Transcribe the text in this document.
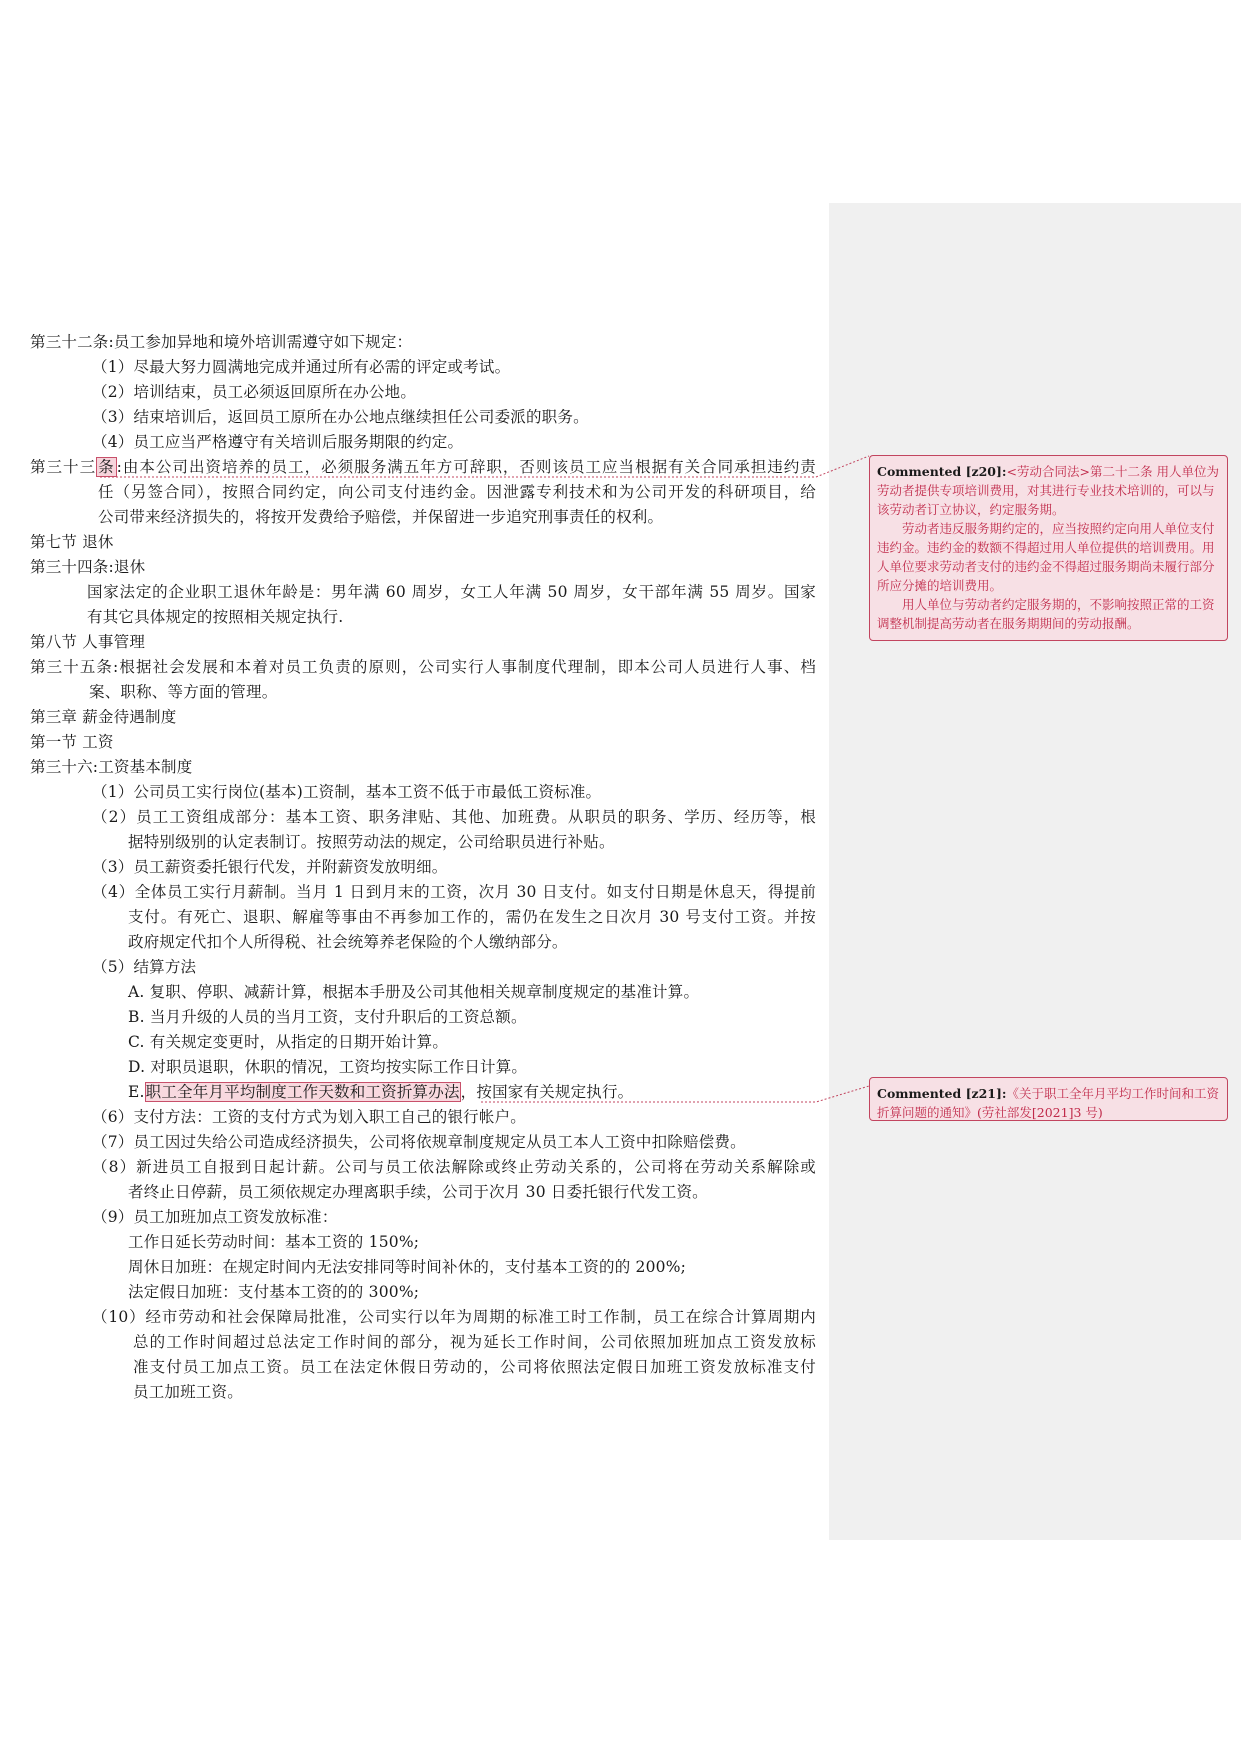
第三十三 条 :由本公司出资培养的员工，必须服务满五年方可辞职，否则该员工应当根据有关合同承担违约责
E.职工全年月平均制度工作天数和工资折算办法，按国家有关规定执行。
第三十二条:员工参加异地和境外培训需遵守如下规定：
（1）尽最大努力圆满地完成并通过所有必需的评定或考试。
（2）培训结束，员工必须返回原所在办公地。
（3）结束培训后，返回员工原所在办公地点继续担任公司委派的职务。
（4）员工应当严格遵守有关培训后服务期限的约定。
任（另签合同），按照合同约定，向公司支付违约金。因泄露专利技术和为公司开发的科研项目，给
公司带来经济损失的，将按开发费给予赔偿，并保留进一步追究刑事责任的权利。
第七节 退休
第三十四条:退休
国家法定的企业职工退休年龄是：男年满 60 周岁，女工人年满 50 周岁，女干部年满 55 周岁。国家
有其它具体规定的按照相关规定执行.
第八节 人事管理
第三十五条:根据社会发展和本着对员工负责的原则，公司实行人事制度代理制，即本公司人员进行人事、档
案、职称、等方面的管理。
第三章 薪金待遇制度
第一节 工资
第三十六:工资基本制度
（1）公司员工实行岗位(基本)工资制，基本工资不低于市最低工资标准。
（2）员工工资组成部分：基本工资、职务津贴、其他、加班费。从职员的职务、学历、经历等，根
据特别级别的认定表制订。按照劳动法的规定，公司给职员进行补贴。
（3）员工薪资委托银行代发，并附薪资发放明细。
（4）全体员工实行月薪制。当月 1 日到月末的工资，次月 30 日支付。如支付日期是休息天，得提前
支付。有死亡、退职、解雇等事由不再参加工作的，需仍在发生之日次月 30 号支付工资。并按
政府规定代扣个人所得税、社会统筹养老保险的个人缴纳部分。
（5）结算方法
A. 复职、停职、减薪计算，根据本手册及公司其他相关规章制度规定的基准计算。
B. 当月升级的人员的当月工资，支付升职后的工资总额。
C. 有关规定变更时，从指定的日期开始计算。
D. 对职员退职，休职的情况，工资均按实际工作日计算。
（6）支付方法：工资的支付方式为划入职工自己的银行帐户。
（7）员工因过失给公司造成经济损失，公司将依规章制度规定从员工本人工资中扣除赔偿费。
（8）新进员工自报到日起计薪。公司与员工依法解除或终止劳动关系的，公司将在劳动关系解除或
者终止日停薪，员工须依规定办理离职手续，公司于次月 30 日委托银行代发工资。
（9）员工加班加点工资发放标准：
工作日延长劳动时间：基本工资的 150%;
周休日加班：在规定时间内无法安排同等时间补休的，支付基本工资的的 200%;
法定假日加班：支付基本工资的的 300%;
（10）经市劳动和社会保障局批准，公司实行以年为周期的标准工时工作制，员工在综合计算周期内
总的工作时间超过总法定工作时间的部分，视为延长工作时间，公司依照加班加点工资发放标
准支付员工加点工资。员工在法定休假日劳动的，公司将依照法定假日加班工资发放标准支付
员工加班工资。

Commented [z20]:<劳动合同法>第二十二条 用人单位为劳动者提供专项培训费用，对其进行专业技术培训的，可以与该劳动者订立协议，约定服务期。

劳动者违反服务期约定的，应当按照约定向用人单位支付违约金。违约金的数额不得超过用人单位提供的培训费用。用人单位要求劳动者支付的违约金不得超过服务期尚未履行部分所应分摊的培训费用。

用人单位与劳动者约定服务期的，不影响按照正常的工资调整机制提高劳动者在服务期期间的劳动报酬。

Commented [z21]:《关于职工全年月平均工作时间和工资折算问题的通知》(劳社部发[2021]3 号)
